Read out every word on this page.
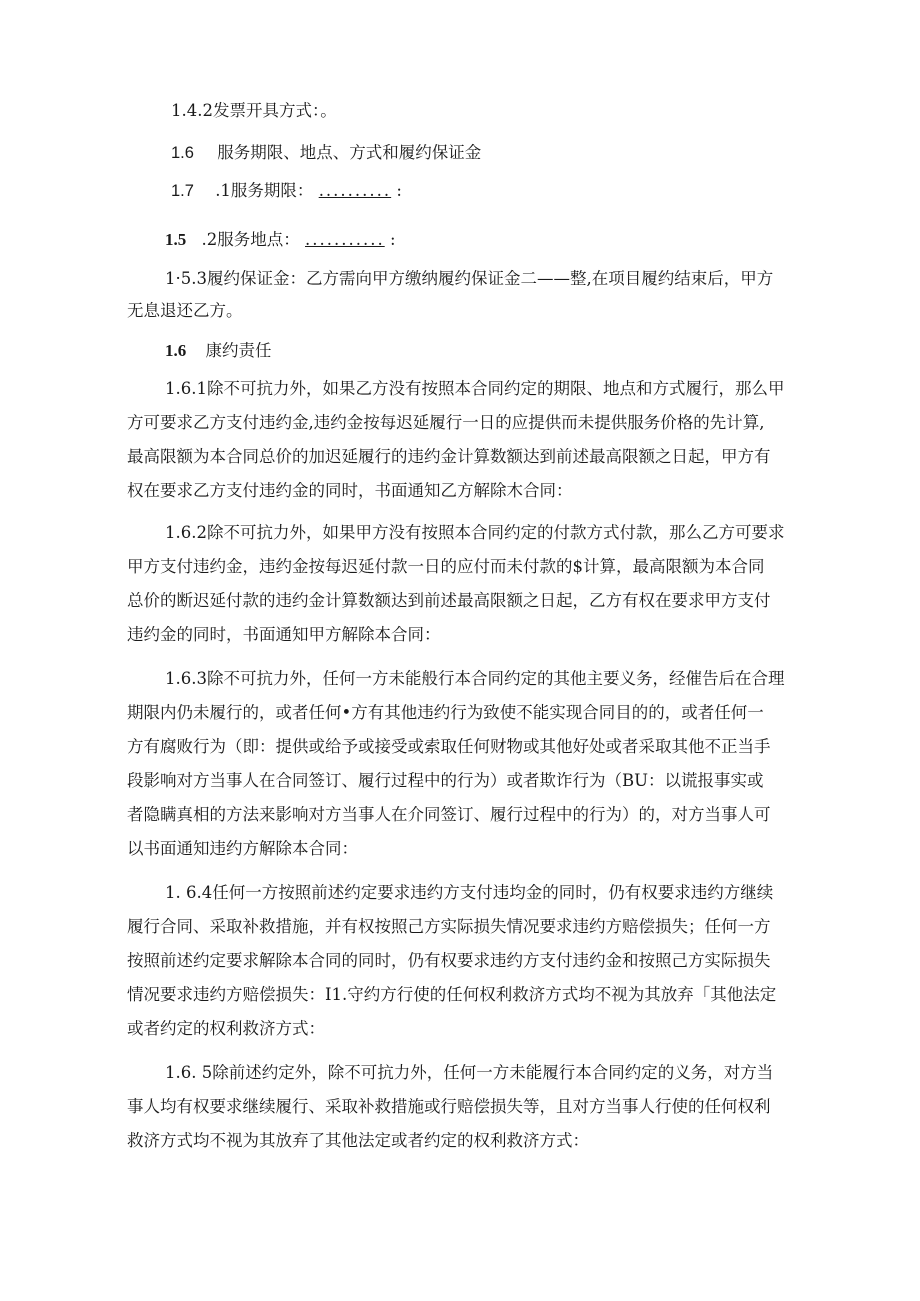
1.4.2发票开具方式：。
1.6 服务期限、地点、方式和履约保证金
1.7 .1服务期限： .......... :
1.5 .2服务地点： ........... :
1·5.3履约保证金：乙方需向甲方缴纳履约保证金二——整,在项目履约结束后，甲方
无息退还乙方。
1.6 康约责任
1.6.1除不可抗力外，如果乙方没有按照本合同约定的期限、地点和方式履行，那么甲
方可要求乙方支付违约金,违约金按每迟延履行一日的应提供而未提供服务价格的先计算,
最高限额为本合同总价的加迟延履行的违约金计算数额达到前述最高限额之日起，甲方有
权在要求乙方支付违约金的同时，书面通知乙方解除木合同：
1.6.2除不可抗力外，如果甲方没有按照本合同约定的付款方式付款，那么乙方可要求
甲方支付违约金，违约金按每迟延付款一日的应付而未付款的$计算，最高限额为本合同
总价的断迟延付款的违约金计算数额达到前述最高限额之日起，乙方有权在要求甲方支付
违约金的同时，书面通知甲方解除本合同：
1.6.3除不可抗力外，任何一方未能般行本合同约定的其他主要义务，经催告后在合理
期限内仍未履行的，或者任何•方有其他违约行为致使不能实现合同目的的，或者任何一
方有腐败行为（即：提供或给予或接受或索取任何财物或其他好处或者采取其他不正当手
段影响对方当事人在合同签订、履行过程中的行为）或者欺诈行为（BU：以谎报事实或
者隐瞒真相的方法来影响对方当事人在介同签订、履行过程中的行为）的，对方当事人可
以书面通知违约方解除本合同：
1. 6.4任何一方按照前述约定要求违约方支付违均金的同时，仍有权要求违约方继续
履行合同、采取补救措施，并有权按照己方实际损失情况要求违约方赔偿损失；任何一方
按照前述约定要求解除本合同的同时，仍有权要求违约方支付违约金和按照己方实际损失
情况要求违约方赔偿损失：I1.守约方行使的任何权利救济方式均不视为其放弃「其他法定
或者约定的权利救济方式：
1.6. 5除前述约定外，除不可抗力外，任何一方未能履行本合同约定的义务，对方当
事人均有权要求继续履行、采取补救措施或行赔偿损失等，且对方当事人行使的任何权利
救济方式均不视为其放弃了其他法定或者约定的权利救济方式：
